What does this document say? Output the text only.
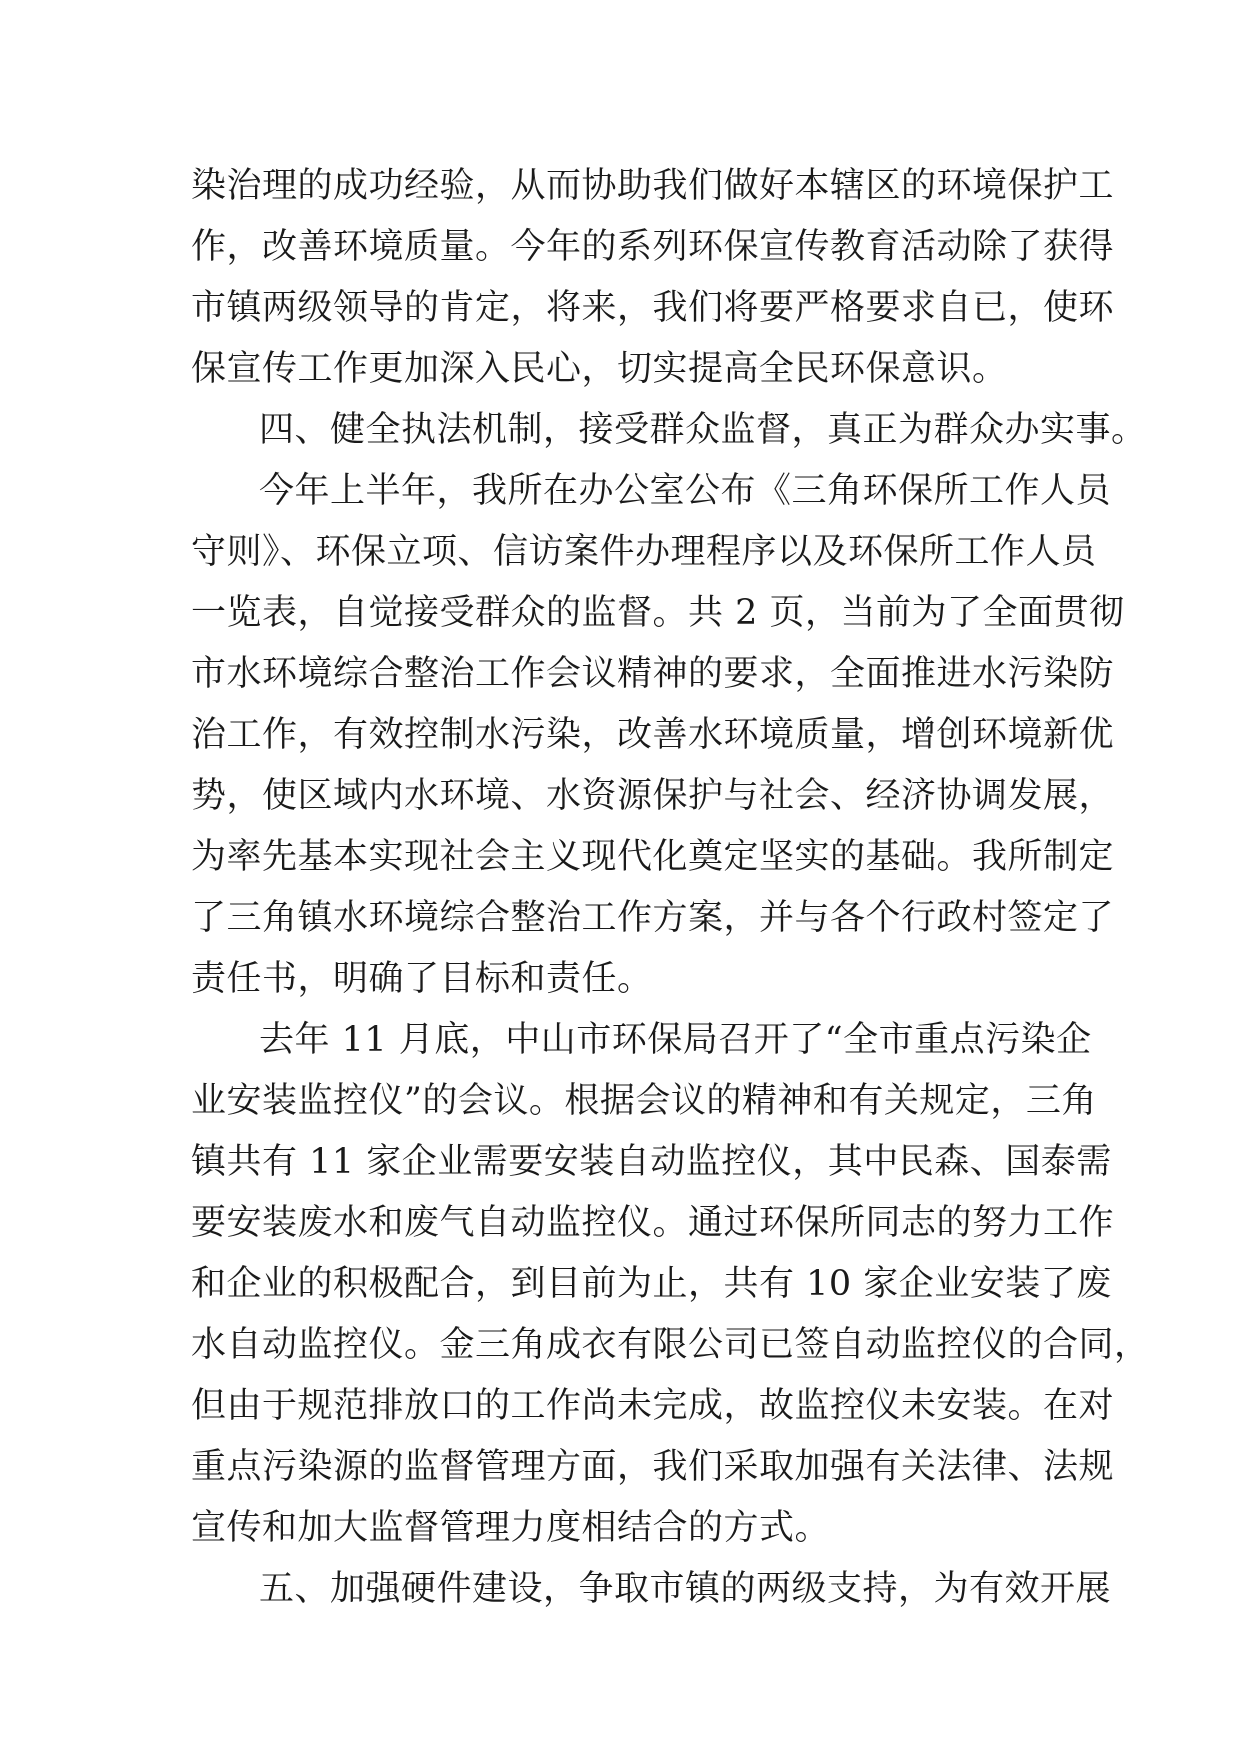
染治理的成功经验，从而协助我们做好本辖区的环境保护工
作，改善环境质量。今年的系列环保宣传教育活动除了获得
市镇两级领导的肯定，将来，我们将要严格要求自已，使环
保宣传工作更加深入民心，切实提高全民环保意识。
四、健全执法机制，接受群众监督，真正为群众办实事。
今年上半年，我所在办公室公布《三角环保所工作人员
守则》、环保立项、信访案件办理程序以及环保所工作人员
一览表，自觉接受群众的监督。共 2 页，当前为了全面贯彻
市水环境综合整治工作会议精神的要求，全面推进水污染防
治工作，有效控制水污染，改善水环境质量，增创环境新优
势，使区域内水环境、水资源保护与社会、经济协调发展，
为率先基本实现社会主义现代化奠定坚实的基础。我所制定
了三角镇水环境综合整治工作方案，并与各个行政村签定了
责任书，明确了目标和责任。
去年 11 月底，中山市环保局召开了“全市重点污染企
业安装监控仪”的会议。根据会议的精神和有关规定，三角
镇共有 11 家企业需要安装自动监控仪，其中民森、国泰需
要安装废水和废气自动监控仪。通过环保所同志的努力工作
和企业的积极配合，到目前为止，共有 10 家企业安装了废
水自动监控仪。金三角成衣有限公司已签自动监控仪的合同，
但由于规范排放口的工作尚未完成，故监控仪未安装。在对
重点污染源的监督管理方面，我们采取加强有关法律、法规
宣传和加大监督管理力度相结合的方式。
五、加强硬件建设，争取市镇的两级支持，为有效开展
